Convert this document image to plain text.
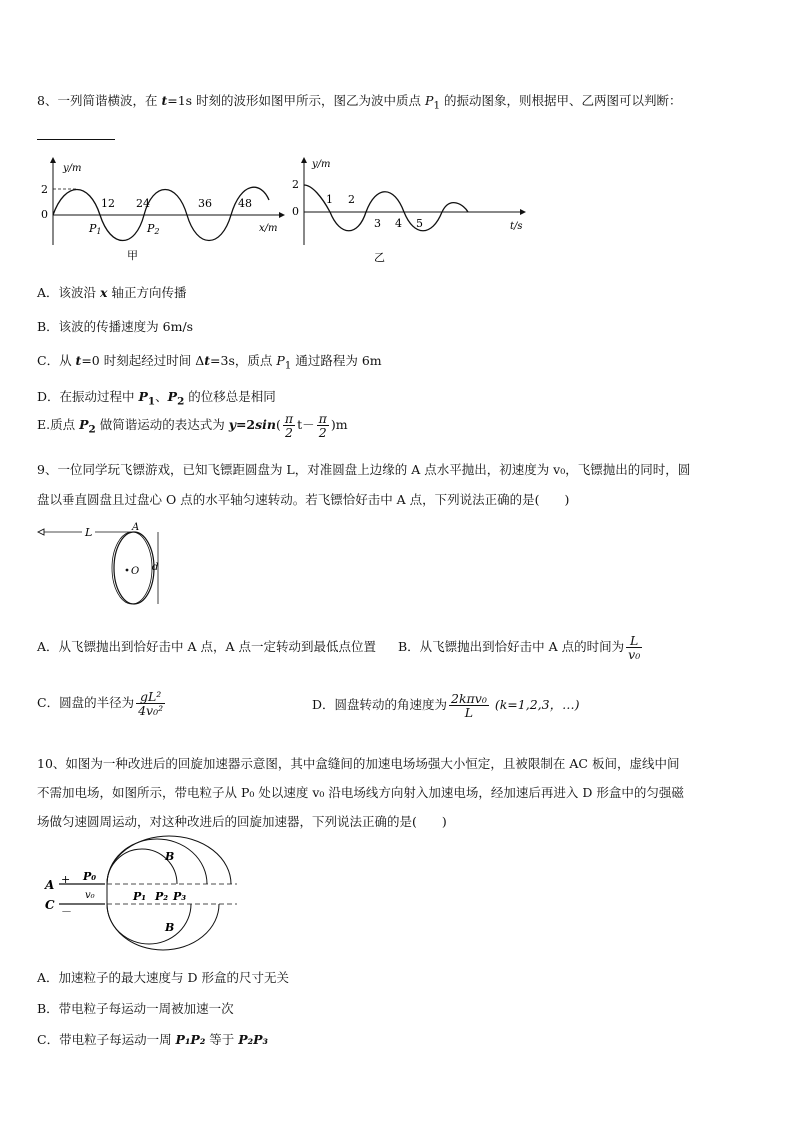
8、一列简谐横波，在 t=1s 时刻的波形如图甲所示，图乙为波中质点 $P_1$ 的振动图象，则根据甲、乙两图可以判断：
y/m
2
0
12 24	36 48
P1	P2	x/m
甲
y/m
2
0
1 2
3 4 5	t/s
乙
A．该波沿 x 轴正方向传播
B．该波的传播速度为 6m/s
C．从 t=0 时刻起经过时间 Δt=3s，质点 $P_1$ 通过路程为 6m
D．在振动过程中 $P_1$、$P_2$ 的位移总是相同
E.质点 $P_2$ 做简谐运动的表达式为 $y=2\sin( \frac{\pi}{2} t- \frac{\pi}{2} )m$
9、一位同学玩飞镖游戏，已知飞镖距圆盘为 L，对准圆盘上边缘的 A 点水平抛出，初速度为 v₀，飞镖抛出的同时，圆
盘以垂直圆盘且过盘心 O 点的水平轴匀速转动。若飞镖恰好击中 A 点，下列说法正确的是(　　)
L	A
O d
A．从飞镖抛出到恰好击中 A 点，A 点一定转动到最低点位置 B．从飞镖抛出到恰好击中 A 点的时间为 $\frac{L}{\text{v₀}}$
C．圆盘的半径为 $\frac{\text{gL²}}{\text{4v₀²}}$	D．圆盘转动的角速度为 $\frac{\text{2kπv₀}}{L} (k=1,2,3$，…)
10、如图为一种改进后的回旋加速器示意图，其中盒缝间的加速电场场强大小恒定，且被限制在 AC 板间，虚线中间
不需加电场，如图所示，带电粒子从 P₀ 处以速度 v₀ 沿电场线方向射入加速电场，经加速后再进入 D 形盒中的匀强磁
场做匀速圆周运动，对这种改进后的回旋加速器，下列说法正确的是(　　)
A
C
+
－
P₀
v₀
B
B
P₁ P₂ P₃
A．加速粒子的最大速度与 D 形盒的尺寸无关
B．带电粒子每运动一周被加速一次
C．带电粒子每运动一周 P₁P₂ 等于 P₂P₃
